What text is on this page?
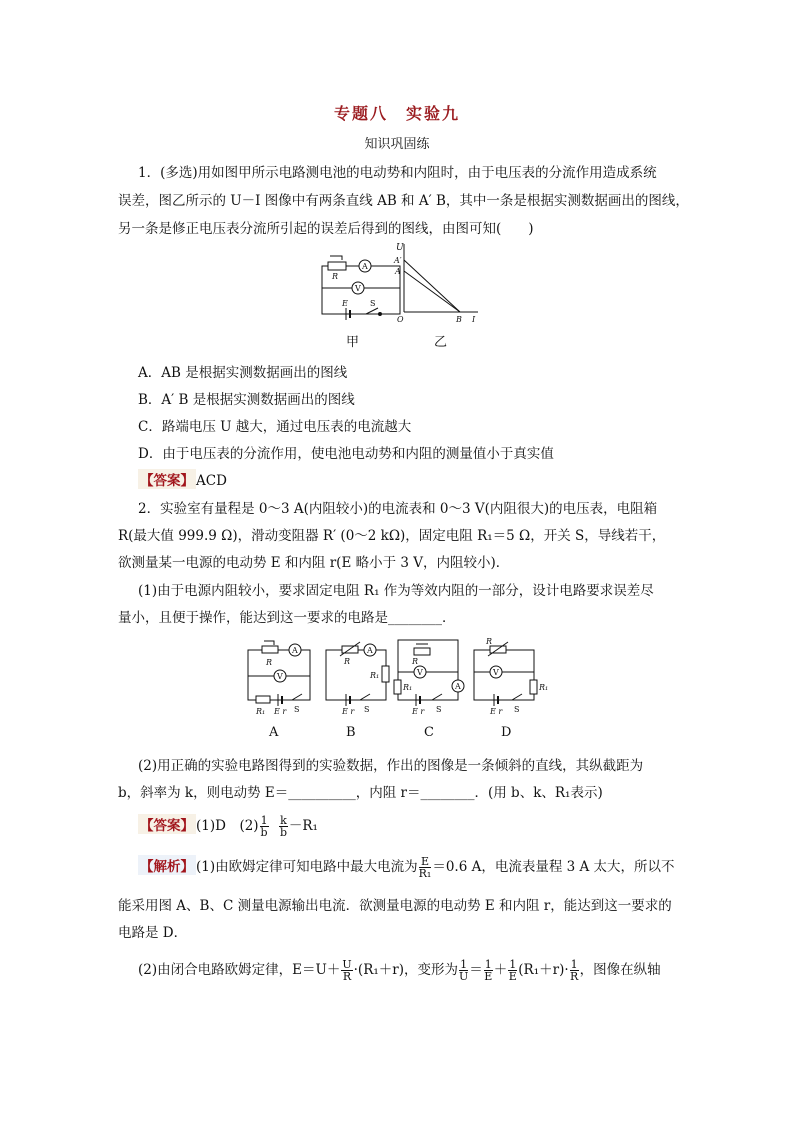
专题八　实验九
知识巩固练
1．(多选)用如图甲所示电路测电池的电动势和内阻时，由于电压表的分流作用造成系统
误差，图乙所示的 U－I 图像中有两条直线 AB 和 A′ B，其中一条是根据实测数据画出的图线，
另一条是修正电压表分流所引起的误差后得到的图线，由图可知(　　)
R
A
V
E	S
U
A′
A
O	B I
甲	乙
A．AB 是根据实测数据画出的图线
B．A′ B 是根据实测数据画出的图线
C．路端电压 U 越大，通过电压表的电流越大
D．由于电压表的分流作用，使电池电动势和内阻的测量值小于真实值
【答案】 ACD
2．实验室有量程是 0～3 A(内阻较小)的电流表和 0～3 V(内阻很大)的电压表，电阻箱
R(最大值 999.9 Ω)，滑动变阻器 R′ (0～2 kΩ)，固定电阻 R₁＝5 Ω，开关 S，导线若干，
欲测量某一电源的电动势 E 和内阻 r(E 略小于 3 V，内阻较小)．
(1)由于电源内阻较小，要求固定电阻 R₁ 作为等效内阻的一部分，设计电路要求误差尽
量小，且便于操作，能达到这一要求的电路是________．
R
A
V
R₁ E r S
A
R
R₁
E r S
R
V
A
R₁
E r S
R
V
R₁
E r S
A	B	C	D
(2)用正确的实验电路图得到的实验数据，作出的图像是一条倾斜的直线，其纵截距为
b，斜率为 k，则电动势 E＝__________，内阻 r＝________．(用 b、k、R₁表示)
【答案】 (1)D　$(2) \frac{1}{b}$
$\frac{k}{b} -R_1$
【解析】 (1)由欧姆定律可知电路中最大电流为 $\frac{E}{\text{R₁}} =0.6$ A，电流表量程 3 A 太大，所以不
能采用图 A、B、C 测量电源输出电流．欲测量电源的电动势 E 和内阻 r，能达到这一要求的
电路是 D．
(2)由闭合电路欧姆定律，$E=U+ \frac{U}{R} \cdot(R_1+r)$，变形为 $\frac{1}{U} = \frac{1}{E} + \frac{1}{E} (R_1+r)\cdot \frac{1}{R}$ ，图像在纵轴
